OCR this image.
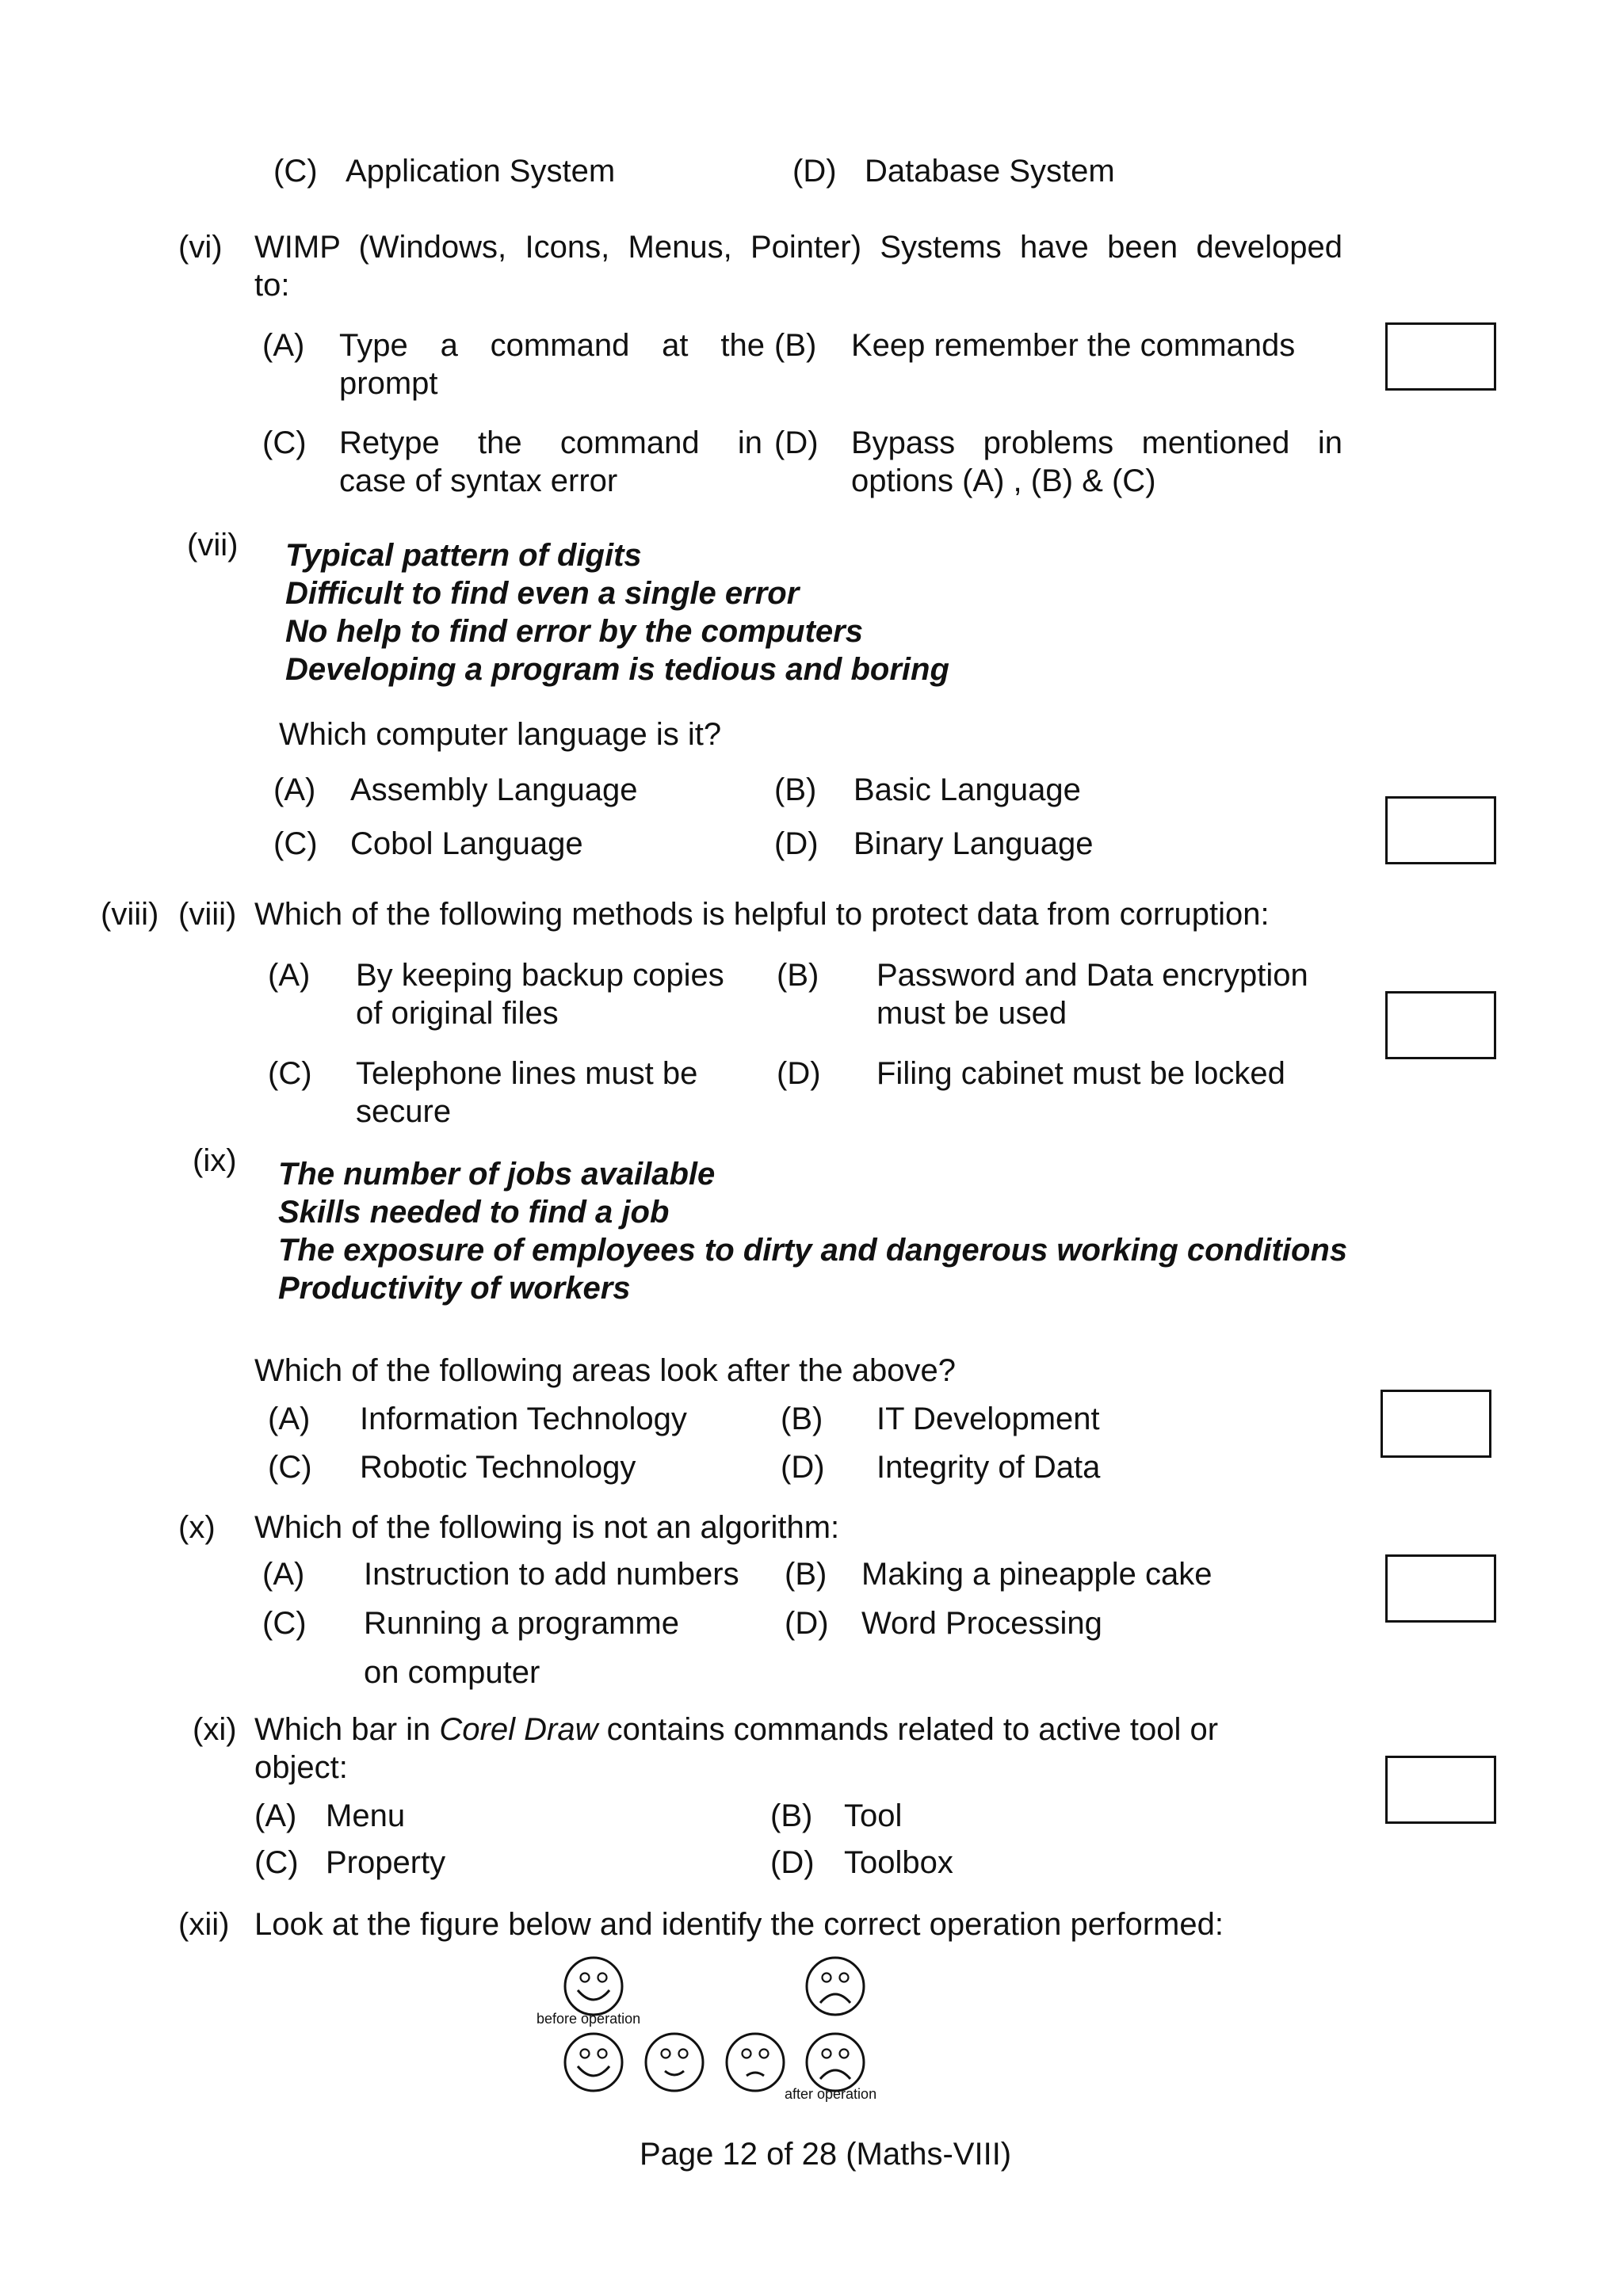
(C) Application System	(D) Database System
(vi) WIMP (Windows, Icons, Menus, Pointer) Systems have been developed
to:
(A) Type a command at the
prompt
(B) Keep remember the commands
(C) Retype the command in
case of syntax error
(D) Bypass problems mentioned in
options (A) , (B) & (C)
(vii) Typical pattern of digits
Difficult to find even a single error
No help to find error by the computers
Developing a program is tedious and boring
Which computer language is it?
(A) Assembly Language	(B) Basic Language
(C) Cobol Language	(D) Binary Language
(viii) (viii) Which of the following methods is helpful to protect data from corruption:
(A) By keeping backup copies
of original files
(B) Password and Data encryption
must be used
(C) Telephone lines must be
secure
(D) Filing cabinet must be locked
(ix) The number of jobs available
Skills needed to find a job
The exposure of employees to dirty and dangerous working conditions
Productivity of workers
Which of the following areas look after the above?
(A) Information Technology	(B) IT Development
(C) Robotic Technology	(D) Integrity of Data
(x) Which of the following is not an algorithm:
(A) Instruction to add numbers (B) Making a pineapple cake
(C) Running a programme
on computer
(D) Word Processing
(xi) Which bar in Corel Draw contains commands related to active tool or
object:
(A) Menu	(B) Tool
(C) Property	(D) Toolbox
(xii) Look at the figure below and identify the correct operation performed:
before operation
after operation
Page 12 of 28 (Maths-VIII)
